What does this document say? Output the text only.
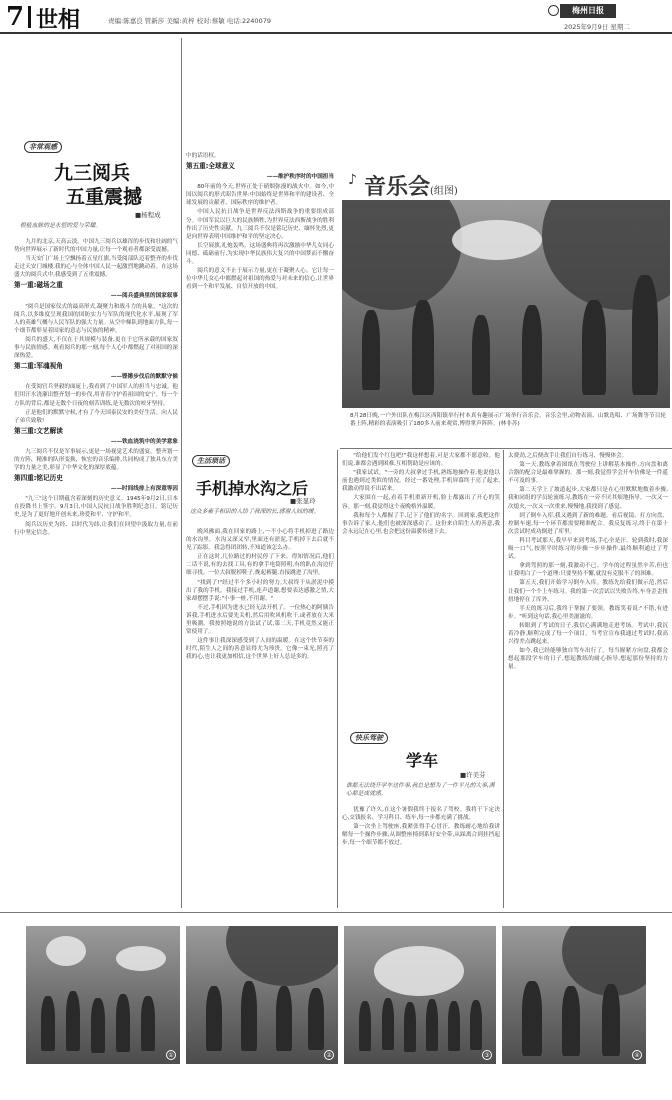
7 世相	责编:陈嘉良 管新莎 美编:黄梓 校对:蔡敏 电话:2240079
梅州日报
2025年9月9日 星期二
非常观感
九三阅兵
五重震撼
■杨程成
根植血脉的是永恒的爱与荣耀。

九月的北京,天高云淡。中国九三阅兵以雄浑的步伐和壮阔的气势向世界展示了新时代的中国力量,让每一个观看者都深受震撼。

当天安门广场上空飘扬着五星红旗,当受阅部队迈着整齐的步伐走过天安门城楼,我的心与全体中国人民一起激烈地跳动着。在这场盛大的阅兵式中,我感受到了五重震撼。

第一重:磁场之重
——阅兵盛典里的国家叙事

"阅兵是国家仪式的最高形式,凝聚力和战斗力的具象。"这次的阅兵,以多维度呈现我国的国防实力与军队的现代化水平,展现了军人的英雄气概与人民军队的强大力量。从空中梯队到地面方队,每一个细节都彰显着国家的意志与民族的精神。

阅兵的盛大,不仅在于其规模与装备,更在于它所承载的国家叙事与民族情感。观看阅兵的那一刻,每个人心中都燃起了对祖国的深深热爱。

第二重:军魂视角
——铿锵步伐后的默默守候

在受阅官兵坚毅的面庞上,我看到了中国军人的担当与忠诚。他们用汗水浇灌出整齐划一的步伐,用青春守护着祖国的安宁。每一个方队的背后,都是无数个日夜的刻苦训练,是无数次的咬牙坚持。

正是他们的默默守候,才有了今天国泰民安的美好生活。向人民子弟兵致敬!

第三重:文艺解读
——铁血浇筑中的美学意象

九三阅兵不仅是军事展示,更是一场视觉艺术的盛宴。整齐划一的方阵、精准的队形变换、恢宏的音乐编排,共同构成了独具东方美学的力量之美,彰显了中华文化的深厚底蕴。

第四重:铭记历史
——时间线排上有深意等因

"九三"这个日期蕴含着深刻的历史意义。1945年9月2日,日本在投降书上签字。9月3日,中国人民抗日战争胜利纪念日。铭记历史,是为了更好地开创未来,珍爱和平、守护和平。

阅兵以历史为经、以时代为纬,让我们在回望中汲取力量,在前行中坚定信念。

中的话语权。

第五重:全球意义
——维护秩序时的中国担当

80年前的今天,世界正处于硝烟弥漫的战火中。如今,中国以阅兵的形式昭告世界:中国始终是世界和平的建设者、全球发展的贡献者、国际秩序的维护者。

中国人民抗日战争是世界反法西斯战争的重要组成部分。中国军民以巨大的民族牺牲,为世界反法西斯战争的胜利作出了历史性贡献。九三阅兵不仅是铭记历史、缅怀先烈,更是向世界表明中国维护和平的坚定决心。

长空展旗,礼炮轰鸣。这场盛典将再次激励中华儿女同心同德、砥砺前行,为实现中华民族伟大复兴的中国梦而不懈奋斗。

阅兵的意义不止于展示力量,更在于凝聚人心。它让每一位中华儿女心中都燃起对祖国的热爱与对未来的信心,让世界看到一个和平发展、自信开放的中国。

♪ 音乐会(组图)
8月28日晚,一户外田队在梅江区西阳镇举行村本真有趣展示广场举行音乐会。音乐会里,动物表演、山歌选唱、广场舞等节目轮番上阵,精彩的表演吸引了180多人前来观赏,博得掌声阵阵。(林非苏)
生活琐话
手机掉水沟之后
■张显玲
这众多素手相识的人给了我深的长,感谢人间的暖。

晚风拂面,我在回家的路上,一不小心将手机掉进了路边的水沟里。水沟又深又窄,里面还有淤泥,手机掉下去后就不见了踪影。我急得团团转,不知道该怎么办。

正在这时,几位路过的村民停了下来。得知情况后,他们二话不说,有的去找工具,有的拿手电筒照明,有的趴在沟边仔细寻找。一位大叔脱掉鞋子,挽起裤腿,直接跳进了沟里。

"找到了!"经过半个多小时的努力,大叔终于从淤泥中摸出了我的手机。我接过手机,连声道谢,想要表达感激之情,大家却摆摆手说:"小事一桩,不用谢。"

不过,手机因为进水已经无法开机了。一位热心的阿姨告诉我,手机进水后要先关机,然后用吹风机吹干,或者放在大米里吸潮。我按照她说的方法试了试,第二天,手机竟然又能正常使用了。

这件事让我深深感受到了人间的温暖。在这个快节奏的时代,陌生人之间的善意显得尤为珍贵。它像一束光,照亮了我的心,也让我更加相信,这个世界上好人总是多的。

"给他们发个红包吧!"我这样想着,可是大家都不愿意收。他们说,谁都会遇到困难,互相帮助是应该的。

"我家试试。"一旁的大叔拿过手机,熟练地操作着,他说他以前也遇到过类似的情况。经过一番处理,手机屏幕终于亮了起来,我激动得说不出话来。

大家围在一起,看着手机重新开机,脸上都露出了开心的笑容。那一刻,我觉得这个夜晚格外温暖。

我和每个人都握了手,记下了他们的名字。回到家,我把这件事告诉了家人,他们也被深深感动了。这份来自陌生人的善意,我会永远记在心里,也会把这份温暖传递下去。

快乐驾驶
学车
■许美芬
谁都无法绕开学车这件事,我总是想为了一件平凡的大事,满心都是成就感。

犹豫了许久,在这个暑假我终于报名了驾校。我将干下定决心,交钱报名、学习科目、练车,每一步都充满了挑战。

第一次坐上驾驶座,我紧张得手心冒汗。教练耐心地给我讲解每一个操作步骤,从调整座椅到系好安全带,从踩离合到挂挡起步,每一个细节都不放过。

太费劲,之后便改手让我们自行练习、慢慢体会。

第一天,教练拿着图纸在驾驶位上讲解基本操作,方向盘和离合器的配合是最难掌握的。那一刻,我觉得学会开车仿佛是一件遥不可及的事。

第二天学上了坡道起步,大家都只是在心里默默地数着步骤,我和同组的学员轮流练习,教练在一旁不厌其烦地指导。一次又一次熄火,一次又一次重来,慢慢地,我找到了感觉。

到了倒车入库,我又遇到了新的难题。看后视镜、打方向盘、控制车速,每一个环节都需要精准配合。我反复练习,终于在第十次尝试时成功倒进了库里。

科目考试那天,我早早来到考场,手心全是汗。轮到我时,我深吸一口气,按照平时练习的步骤一步步操作,最终顺利通过了考试。

拿到驾照的那一刻,我激动不已。学车的过程虽然辛苦,但也让我明白了一个道理:只要坚持不懈,就没有克服不了的困难。

第五天,我们开始学习倒车入库。教练先给我们做示范,然后让我们一个个上车练习。我的第一次尝试以失败告终,车身歪歪扭扭地停在了库外。

半天的练习后,我终于掌握了要领。教练笑着说:"不错,有进步。"听到这句话,我心里美滋滋的。

转眼到了考试的日子,我信心满满地走进考场。考试中,我沉着冷静,顺利完成了每一个项目。当考官宣布我通过考试时,我高兴得差点跳起来。

如今,我已经能够独自驾车出行了。每当握紧方向盘,我都会想起那段学车的日子,想起教练的耐心指导,想起那份坚持的力量。

①	②	③	④
